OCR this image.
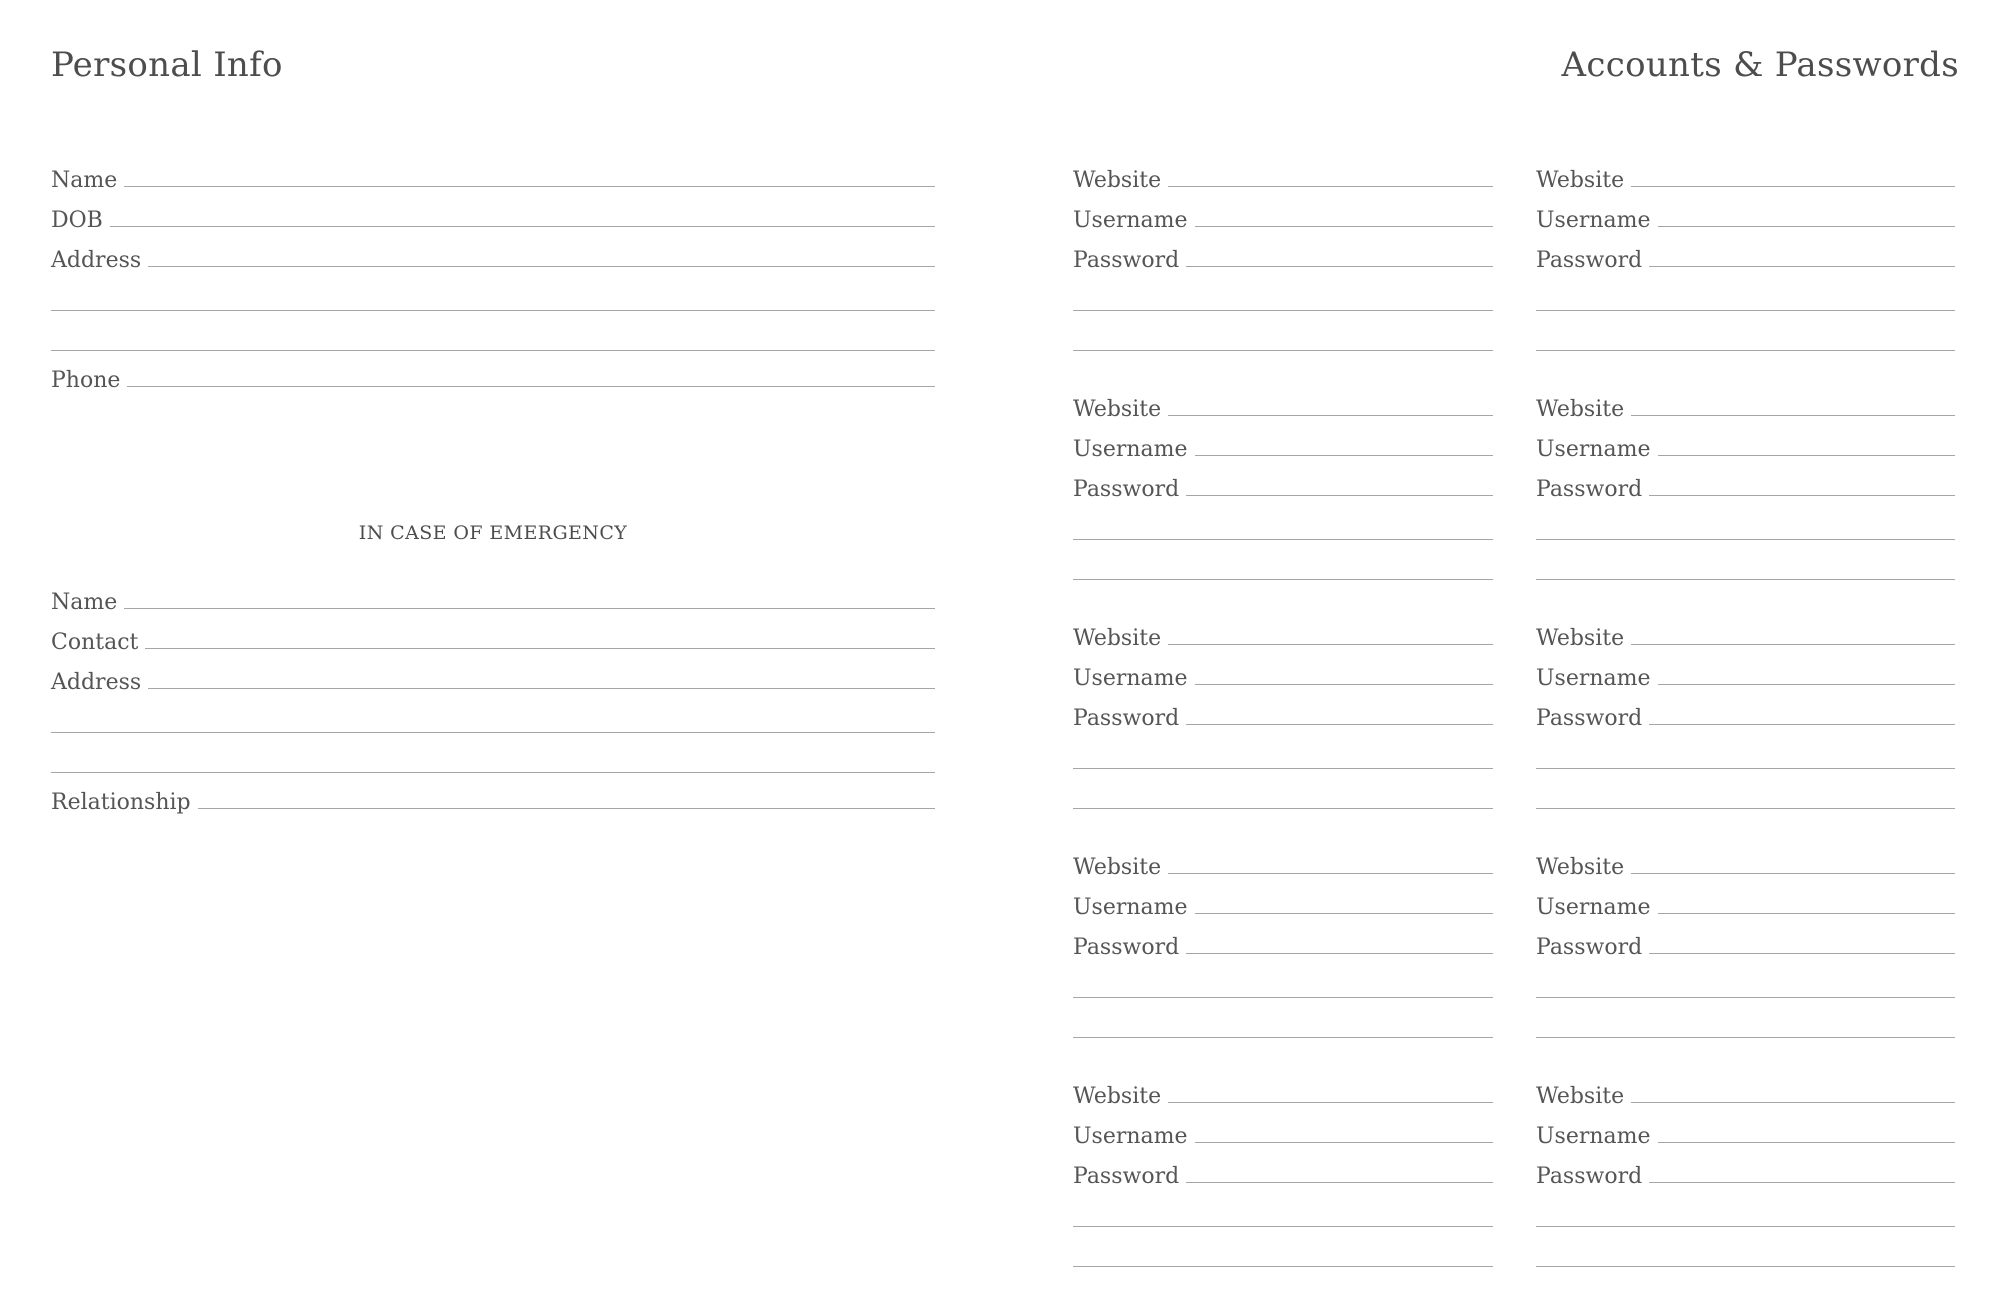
Personal Info
Name
DOB
Address
Phone
IN CASE OF EMERGENCY
Name
Contact
Address
Relationship
Accounts & Passwords
Website
Username
Password
Website
Username
Password
Website
Username
Password
Website
Username
Password
Website
Username
Password
Website
Username
Password
Website
Username
Password
Website
Username
Password
Website
Username
Password
Website
Username
Password
